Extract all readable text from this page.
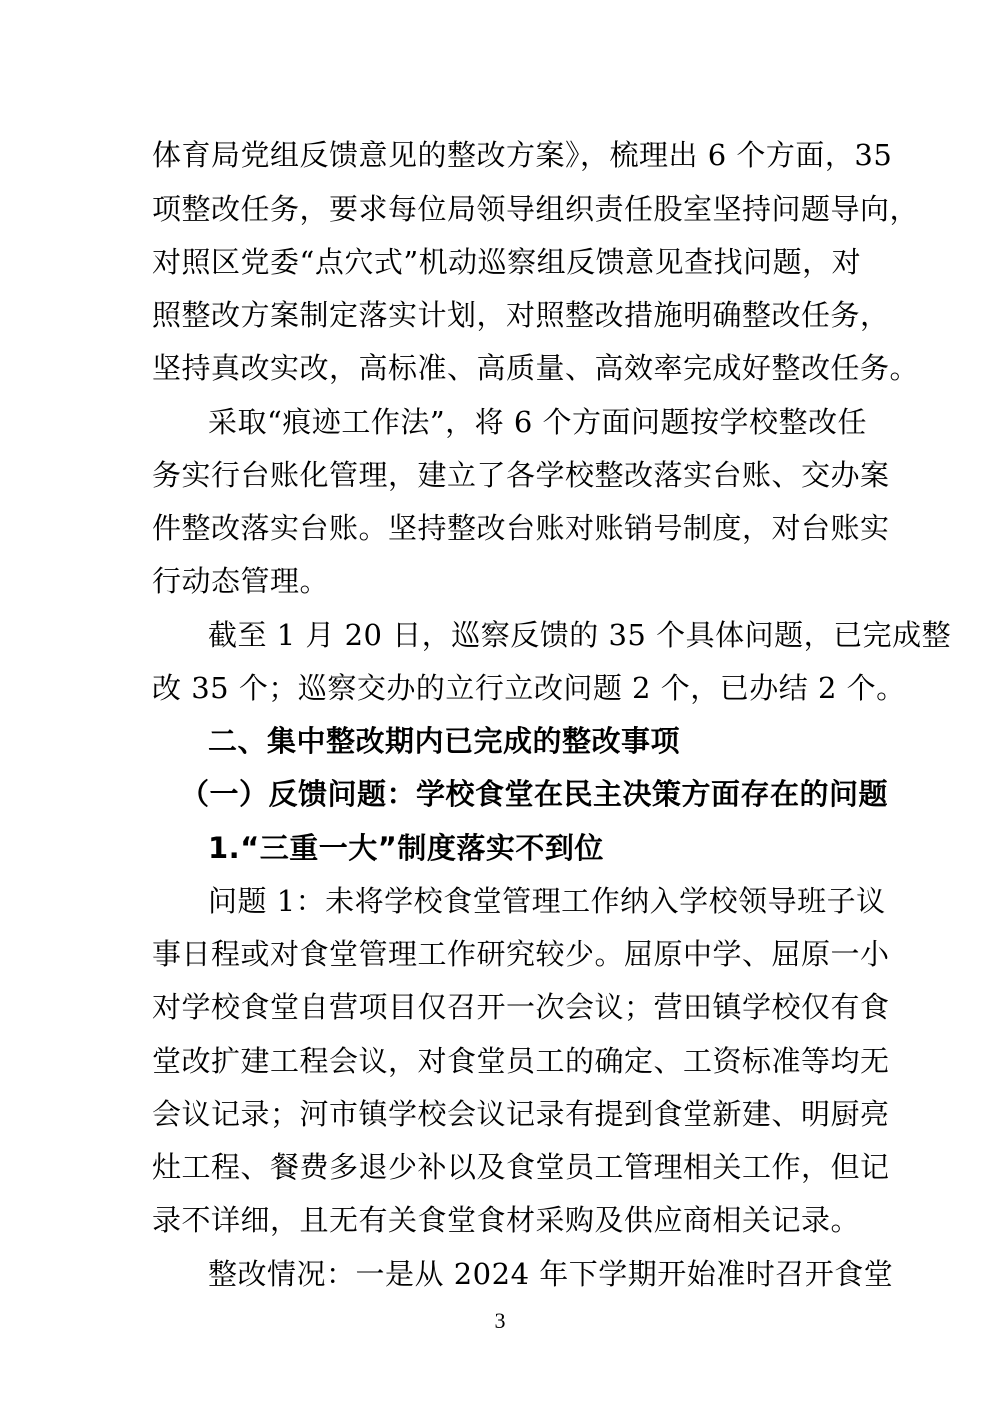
体育局党组反馈意见的整改方案》，梳理出 6 个方面，35
项整改任务，要求每位局领导组织责任股室坚持问题导向，
对照区党委“点穴式”机动巡察组反馈意见查找问题，对
照整改方案制定落实计划，对照整改措施明确整改任务，
坚持真改实改，高标准、高质量、高效率完成好整改任务。
采取“痕迹工作法”，将 6 个方面问题按学校整改任
务实行台账化管理，建立了各学校整改落实台账、交办案
件整改落实台账。坚持整改台账对账销号制度，对台账实
行动态管理。
截至 1 月 20 日，巡察反馈的 35 个具体问题，已完成整
改 35 个；巡察交办的立行立改问题 2 个，已办结 2 个。
二、集中整改期内已完成的整改事项
（一）反馈问题：学校食堂在民主决策方面存在的问题
1.“三重一大”制度落实不到位
问题 1：未将学校食堂管理工作纳入学校领导班子议
事日程或对食堂管理工作研究较少。屈原中学、屈原一小
对学校食堂自营项目仅召开一次会议；营田镇学校仅有食
堂改扩建工程会议，对食堂员工的确定、工资标准等均无
会议记录；河市镇学校会议记录有提到食堂新建、明厨亮
灶工程、餐费多退少补以及食堂员工管理相关工作，但记
录不详细，且无有关食堂食材采购及供应商相关记录。
整改情况：一是从 2024 年下学期开始准时召开食堂
3
